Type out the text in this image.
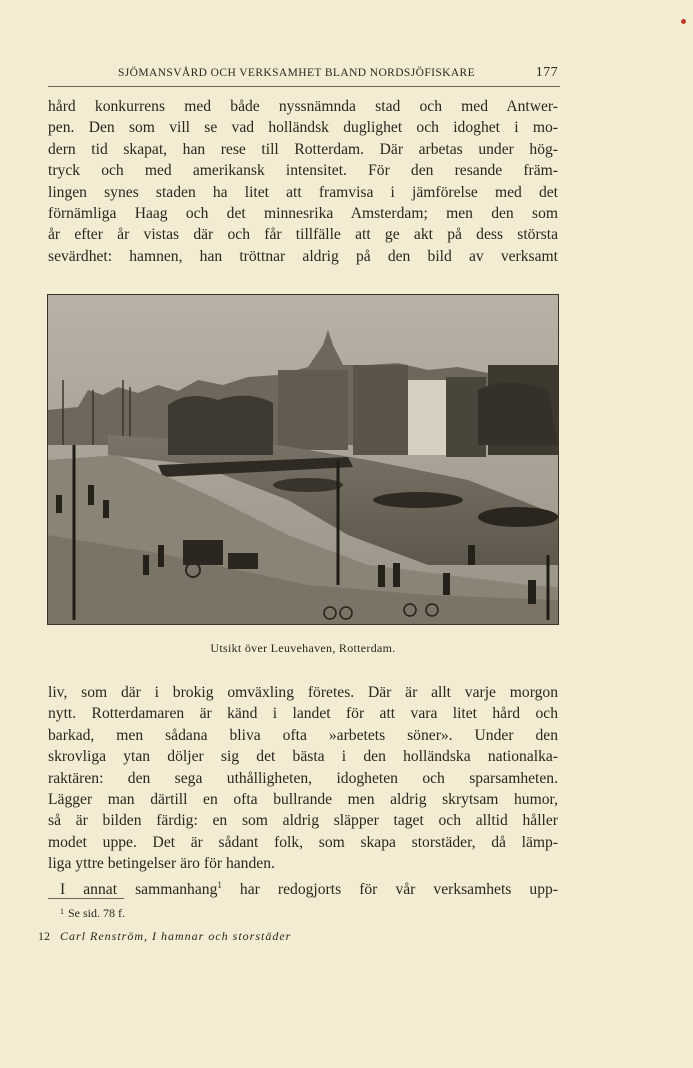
SJÖMANSVÅRD OCH VERKSAMHET BLAND NORDSJÖFISKARE	177

hård konkurrens med både nyssnämnda stad och med Antwer-
pen. Den som vill se vad holländsk duglighet och idoghet i mo-
dern tid skapat, han rese till Rotterdam. Där arbetas under hög-
tryck och med amerikansk intensitet. För den resande främ-
lingen synes staden ha litet att framvisa i jämförelse med det
förnämliga Haag och det minnesrika Amsterdam; men den som
år efter år vistas där och får tillfälle att ge akt på dess största
sevärdhet: hamnen, han tröttnar aldrig på den bild av verksamt

Utsikt över Leuvehaven, Rotterdam.

liv, som där i brokig omväxling företes. Där är allt varje morgon
nytt. Rotterdamaren är känd i landet för att vara litet hård och
barkad, men sådana bliva ofta »arbetets söner». Under den
skrovliga ytan döljer sig det bästa i den holländska nationalka-
raktären: den sega uthålligheten, idogheten och sparsamheten.
Lägger man därtill en ofta bullrande men aldrig skrytsam humor,
så är bilden färdig: en som aldrig släpper taget och alltid håller
modet uppe. Det är sådant folk, som skapa storstäder, då lämp-
liga yttre betingelser äro för handen.

I annat sammanhang$^1$ har redogjorts för vår verksamhets upp-

$^1$ Se sid. 78 f.
12 Carl Renström, I hamnar och storstäder
